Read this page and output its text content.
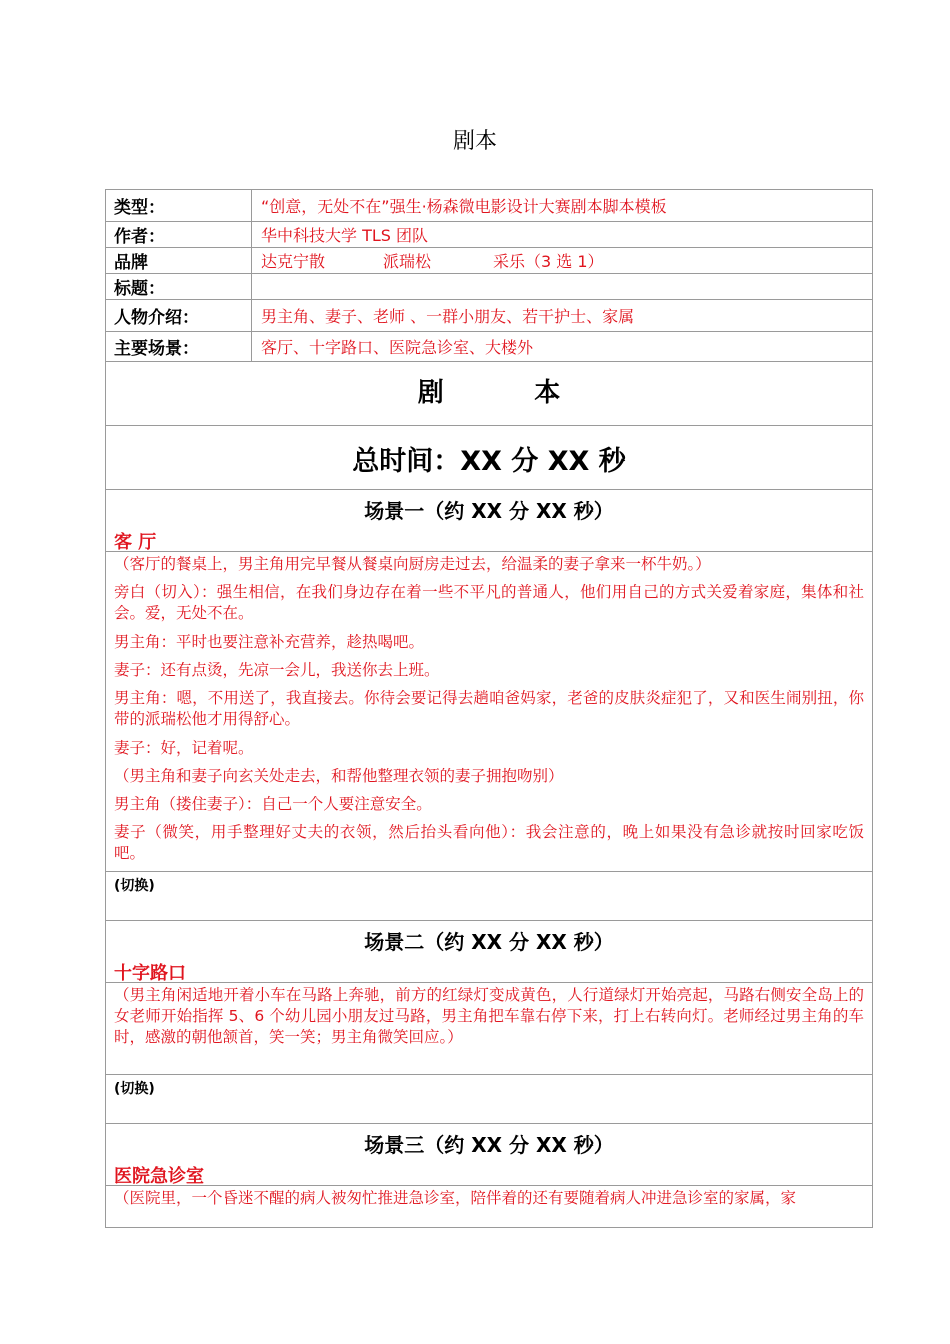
剧本
类型：	“创意，无处不在”强生·杨森微电影设计大赛剧本脚本模板
作者：	华中科技大学 TLS 团队
品牌	达克宁散	派瑞松	采乐（3 选 1）
标题：
人物介绍：	男主角、妻子、老师 、一群小朋友、若干护士、家属
主要场景：	客厅、十字路口、医院急诊室、大楼外
剧          本
总时间：XX 分 XX 秒
场景一（约 XX 分 XX 秒）
客 厅
（客厅的餐桌上，男主角用完早餐从餐桌向厨房走过去，给温柔的妻子拿来一杯牛奶。）
旁白（切入）：强生相信，在我们身边存在着一些不平凡的普通人，他们用自己的方式关爱着家庭，集体和社会。爱，无处不在。
男主角：平时也要注意补充营养，趁热喝吧。
妻子：还有点烫，先凉一会儿，我送你去上班。
男主角：嗯，不用送了，我直接去。你待会要记得去趟咱爸妈家，老爸的皮肤炎症犯了，又和医生闹别扭，你带的派瑞松他才用得舒心。
妻子：好，记着呢。
（男主角和妻子向玄关处走去，和帮他整理衣领的妻子拥抱吻别）
男主角（搂住妻子）：自己一个人要注意安全。
妻子（微笑，用手整理好丈夫的衣领，然后抬头看向他）：我会注意的，晚上如果没有急诊就按时回家吃饭吧。
(切换)
场景二（约 XX 分 XX 秒）
十字路口
（男主角闲适地开着小车在马路上奔驰，前方的红绿灯变成黄色，人行道绿灯开始亮起，马路右侧安全岛上的女老师开始指挥 5、6 个幼儿园小朋友过马路，男主角把车靠右停下来，打上右转向灯。老师经过男主角的车时，感激的朝他颔首，笑一笑；男主角微笑回应。）
(切换)
场景三（约 XX 分 XX 秒）
医院急诊室
（医院里，一个昏迷不醒的病人被匆忙推进急诊室，陪伴着的还有要随着病人冲进急诊室的家属，家
